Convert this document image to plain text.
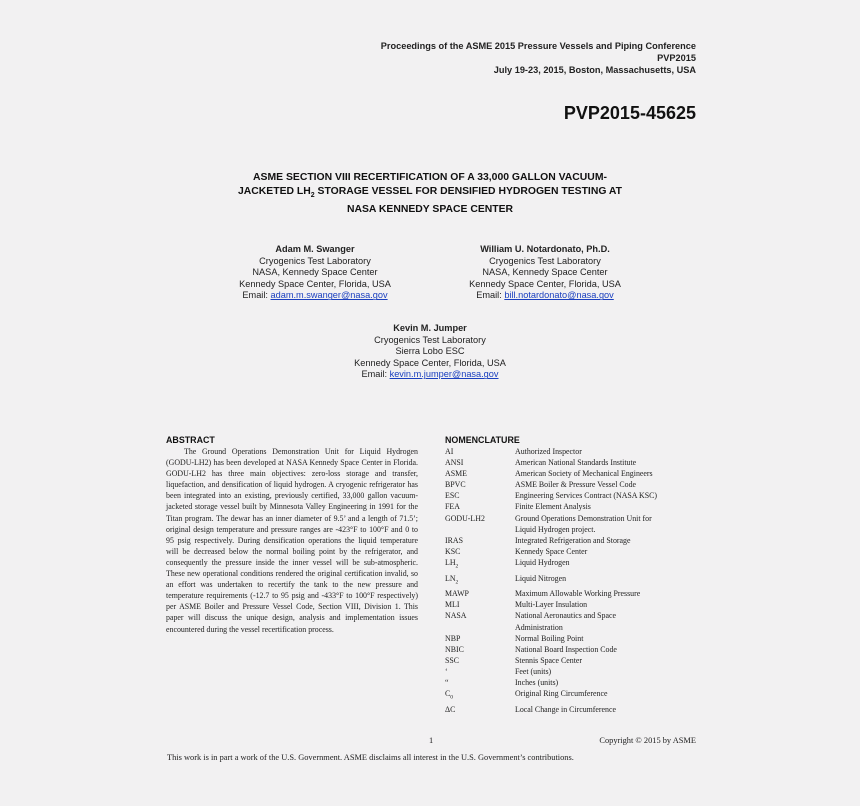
Proceedings of the ASME 2015 Pressure Vessels and Piping Conference
PVP2015
July 19-23, 2015, Boston, Massachusetts, USA
PVP2015-45625
ASME SECTION VIII RECERTIFICATION OF A 33,000 GALLON VACUUM-
JACKETED $LH_2$ STORAGE VESSEL FOR DENSIFIED HYDROGEN TESTING AT
NASA KENNEDY SPACE CENTER
Adam M. Swanger
Cryogenics Test Laboratory
NASA, Kennedy Space Center
Kennedy Space Center, Florida, USA
Email: adam.m.swanger@nasa.gov
William U. Notardonato, Ph.D.
Cryogenics Test Laboratory
NASA, Kennedy Space Center
Kennedy Space Center, Florida, USA
Email: bill.notardonato@nasa.gov
Kevin M. Jumper
Cryogenics Test Laboratory
Sierra Lobo ESC
Kennedy Space Center, Florida, USA
Email: kevin.m.jumper@nasa.gov
ABSTRACT

The Ground Operations Demonstration Unit for Liquid Hydrogen (GODU-LH2) has been developed at NASA Kennedy Space Center in Florida. GODU-LH2 has three main objectives: zero-loss storage and transfer, liquefaction, and densification of liquid hydrogen. A cryogenic refrigerator has been integrated into an existing, previously certified, 33,000 gallon vacuum-jacketed storage vessel built by Minnesota Valley Engineering in 1991 for the Titan program. The dewar has an inner diameter of 9.5’ and a length of 71.5’; original design temperature and pressure ranges are -423°F to 100°F and 0 to 95 psig respectively. During densification operations the liquid temperature will be decreased below the normal boiling point by the refrigerator, and consequently the pressure inside the inner vessel will be sub-atmospheric. These new operational conditions rendered the original certification invalid, so an effort was undertaken to recertify the tank to the new pressure and temperature requirements (-12.7 to 95 psig and -433°F to 100°F respectively) per ASME Boiler and Pressure Vessel Code, Section VIII, Division 1. This paper will discuss the unique design, analysis and implementation issues encountered during the vessel recertification process.

NOMENCLATURE
AI	Authorized Inspector
ANSI	American National Standards Institute
ASME	American Society of Mechanical Engineers
BPVC	ASME Boiler & Pressure Vessel Code
ESC	Engineering Services Contract (NASA KSC)
FEA	Finite Element Analysis
GODU-LH2	Ground Operations Demonstration Unit for
	Liquid Hydrogen project.
IRAS	Integrated Refrigeration and Storage
KSC	Kennedy Space Center
$LH_2$	Liquid Hydrogen
$LN_2$	Liquid Nitrogen
MAWP	Maximum Allowable Working Pressure
MLI	Multi-Layer Insulation
NASA	National Aeronautics and Space
	Administration
NBP	Normal Boiling Point
NBIC	National Board Inspection Code
SSC	Stennis Space Center
‘	Feet (units)
“	Inches (units)
$C_0$	Original Ring Circumference
ΔC	Local Change in Circumference
1	Copyright © 2015 by ASME
This work is in part a work of the U.S. Government. ASME disclaims all interest in the U.S. Government’s contributions.
